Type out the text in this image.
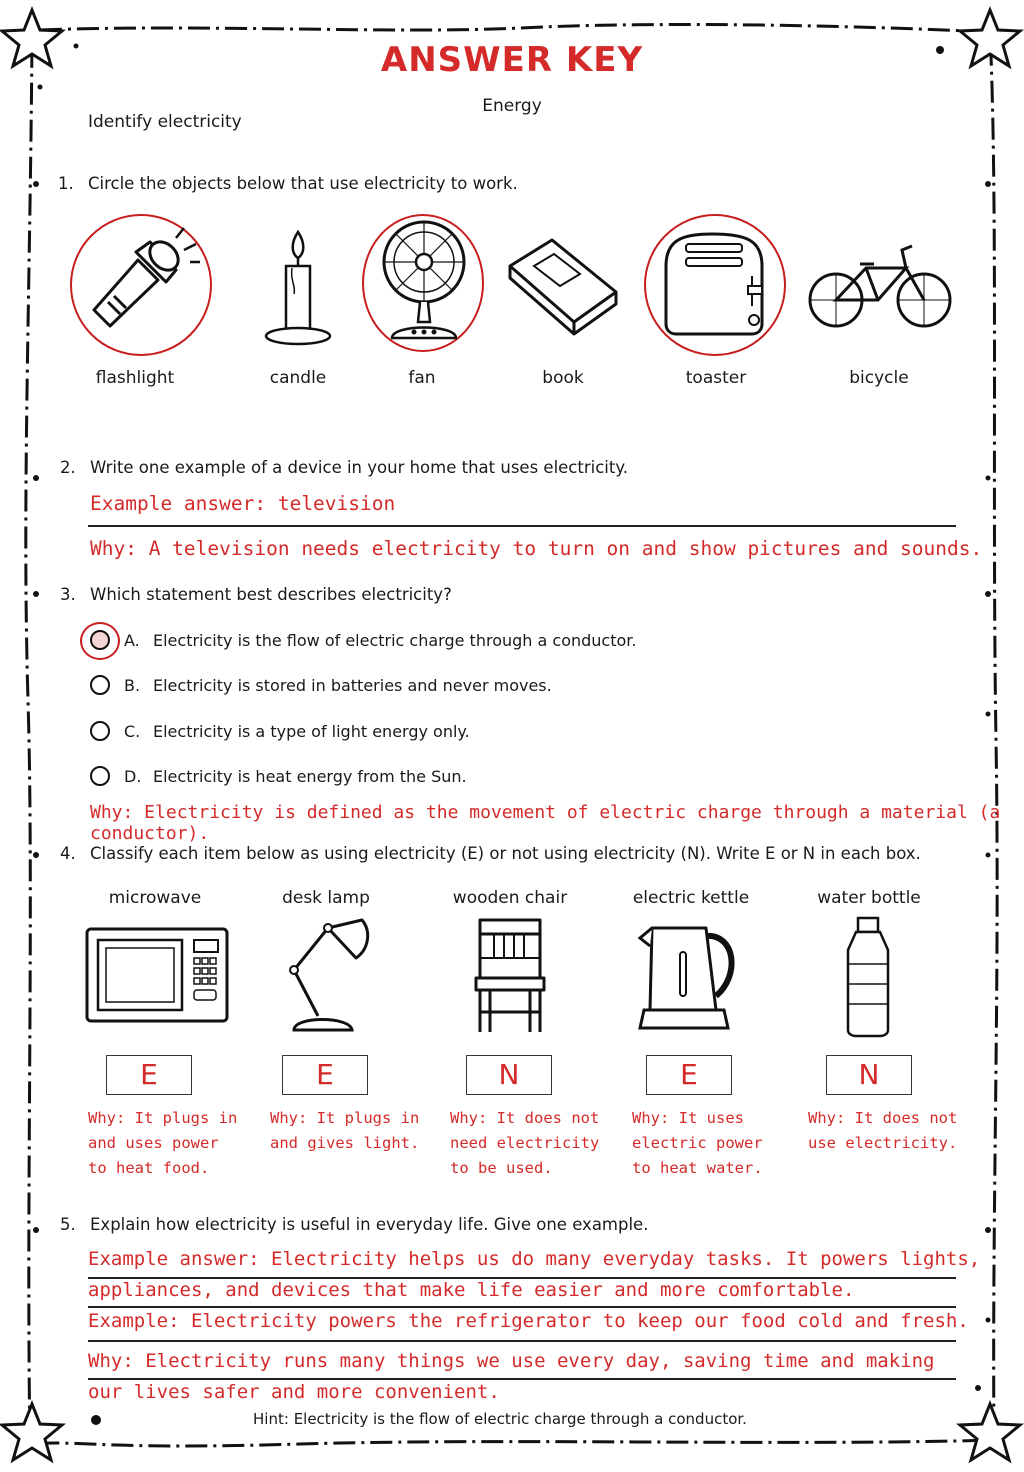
ANSWER KEY
Energy
Identify electricity
1. Circle the objects below that use electricity to work.
flashlight	candle	fan	book	toaster	bicycle
2. Write one example of a device in your home that uses electricity.
Example answer: television
Why: A television needs electricity to turn on and show pictures and sounds.
3. Which statement best describes electricity?
A. Electricity is the flow of electric charge through a conductor.
B. Electricity is stored in batteries and never moves.
C. Electricity is a type of light energy only.
D. Electricity is heat energy from the Sun.
Why: Electricity is defined as the movement of electric charge through a material (a conductor).
4. Classify each item below as using electricity (E) or not using electricity (N). Write E or N in each box.
microwave	desk lamp	wooden chair	electric kettle	water bottle
E	E	N	E	N
Why: It plugs in
and uses power
to heat food.
Why: It plugs in
and gives light.
Why: It does not
need electricity
to be used.
Why: It uses
electric power
to heat water.
Why: It does not
use electricity.
5. Explain how electricity is useful in everyday life. Give one example.
Example answer: Electricity helps us do many everyday tasks. It powers lights,
appliances, and devices that make life easier and more comfortable.
Example: Electricity powers the refrigerator to keep our food cold and fresh.
Why: Electricity runs many things we use every day, saving time and making
our lives safer and more convenient.
Hint: Electricity is the flow of electric charge through a conductor.
